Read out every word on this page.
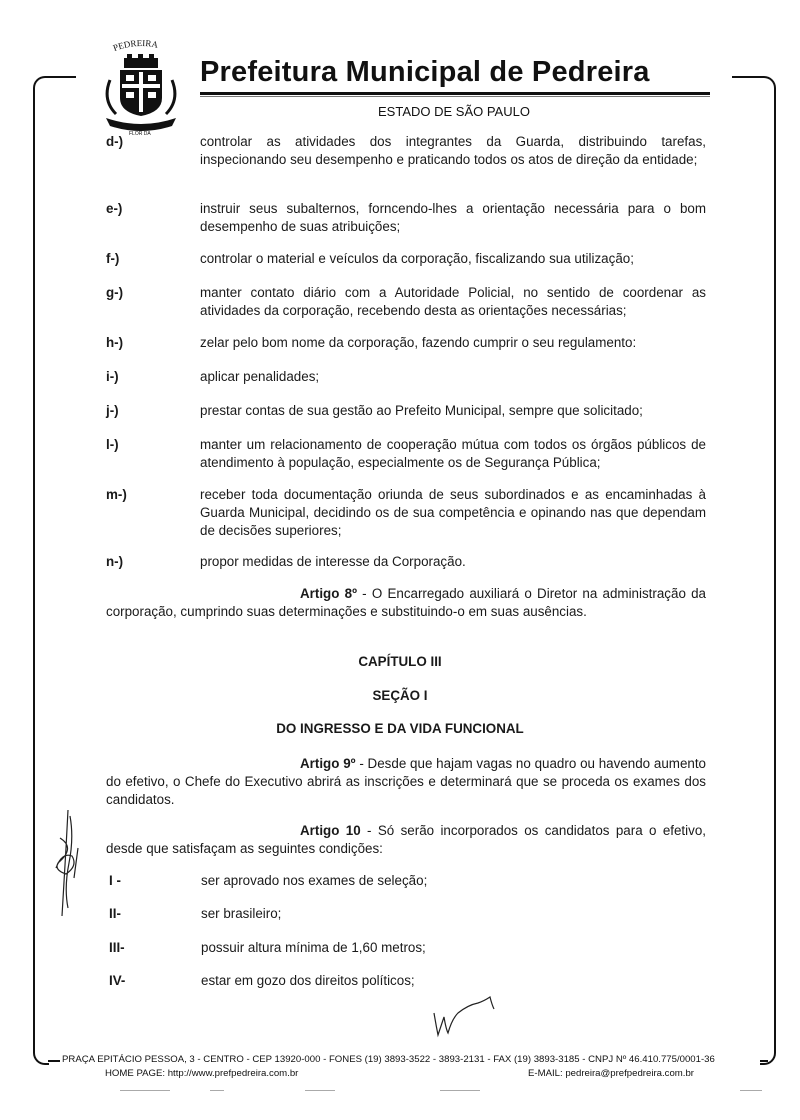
PEDREIRA
FLOR DA
Prefeitura Municipal de Pedreira
ESTADO DE SÃO PAULO
d-)	controlar as atividades dos integrantes da Guarda, distribuindo tarefas, inspecionando seu desempenho e praticando todos os atos de direção da entidade;
e-)	instruir seus subalternos, forncendo-lhes a orientação necessária para o bom desempenho de suas atribuições;
f-)	controlar o material e veículos da corporação, fiscalizando sua utilização;
g-)	manter contato diário com a Autoridade Policial, no sentido de coordenar as atividades da corporação, recebendo desta as orientações necessárias;
h-)	zelar pelo bom nome da corporação, fazendo cumprir o seu regulamento:
i-)	aplicar penalidades;
j-)	prestar contas de sua gestão ao Prefeito Municipal, sempre que solicitado;
l-)	manter um relacionamento de cooperação mútua com todos os órgãos públicos de atendimento à população, especialmente os de Segurança Pública;
m-)	receber toda documentação oriunda de seus subordinados e as encaminhadas à Guarda Municipal, decidindo os de sua competência e opinando nas que dependam de decisões superiores;
n-)	propor medidas de interesse da Corporação.
Artigo 8º - O Encarregado auxiliará o Diretor na administração da corporação, cumprindo suas determinações e substituindo-o em suas ausências.
CAPÍTULO III
SEÇÃO I
DO INGRESSO E DA VIDA FUNCIONAL
Artigo 9º - Desde que hajam vagas no quadro ou havendo aumento do efetivo, o Chefe do Executivo abrirá as inscrições e determinará que se proceda os exames dos candidatos.
Artigo 10 - Só serão incorporados os candidatos para o efetivo, desde que satisfaçam as seguintes condições:
I -	ser aprovado nos exames de seleção;
II-	ser brasileiro;
III-	possuir altura mínima de 1,60 metros;
IV-	estar em gozo dos direitos políticos;
PRAÇA EPITÁCIO PESSOA, 3 - CENTRO - CEP 13920-000 - FONES (19) 3893-3522 - 3893-2131 - FAX (19) 3893-3185 - CNPJ Nº 46.410.775/0001-36
HOME PAGE: http://www.prefpedreira.com.br	E-MAIL: pedreira@prefpedreira.com.br
